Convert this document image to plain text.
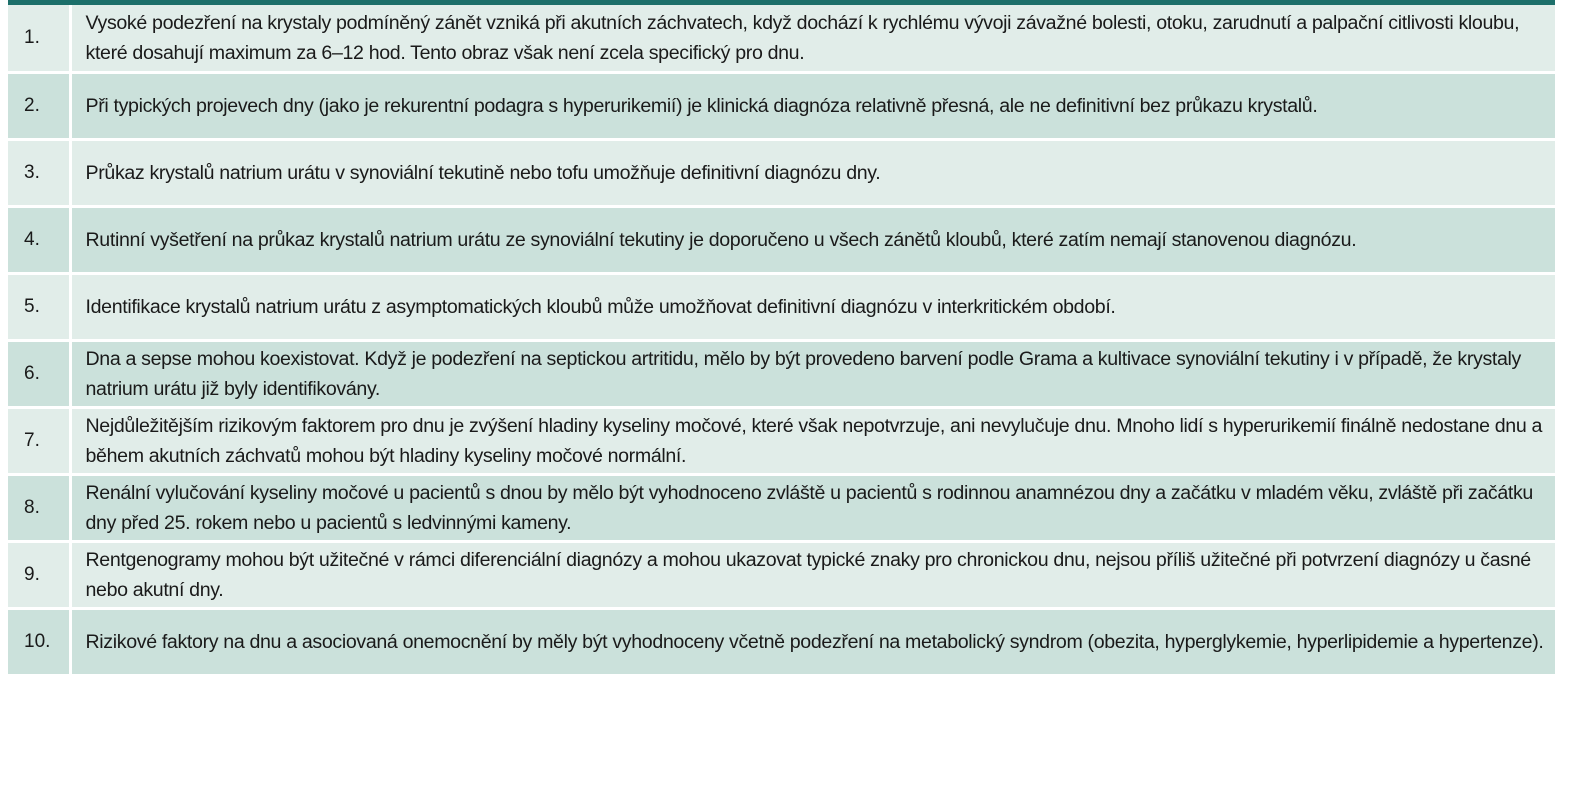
1.	Vysoké podezření na krystaly podmíněný zánět vzniká při akutních záchvatech, když dochází k rychlému vývoji závažné bolesti, otoku, zarudnutí a palpační citlivosti kloubu, které dosahují maximum za 6–12 hod. Tento obraz však není zcela specifický pro dnu.
2.	Při typických projevech dny (jako je rekurentní podagra s hyperurikemií) je klinická diagnóza relativně přesná, ale ne definitivní bez průkazu krystalů.
3.	Průkaz krystalů natrium urátu v synoviální tekutině nebo tofu umožňuje definitivní diagnózu dny.
4.	Rutinní vyšetření na průkaz krystalů natrium urátu ze synoviální tekutiny je doporučeno u všech zánětů kloubů, které zatím nemají stanovenou diagnózu.
5.	Identifikace krystalů natrium urátu z asymptomatických kloubů může umožňovat definitivní diagnózu v interkritickém období.
6.	Dna a sepse mohou koexistovat. Když je podezření na septickou artritidu, mělo by být provedeno barvení podle Grama a kultivace synoviální tekutiny i v případě, že krystaly natrium urátu již byly identifikovány.
7.	Nejdůležitějším rizikovým faktorem pro dnu je zvýšení hladiny kyseliny močové, které však nepotvrzuje, ani nevylučuje dnu. Mnoho lidí s hyperurikemií finálně nedostane dnu a během akutních záchvatů mohou být hladiny kyseliny močové normální.
8.	Renální vylučování kyseliny močové u pacientů s dnou by mělo být vyhodnoceno zvláště u pacientů s rodinnou anamnézou dny a začátku v mladém věku, zvláště při začátku dny před 25. rokem nebo u pacientů s ledvinnými kameny.
9.	Rentgenogramy mohou být užitečné v rámci diferenciální diagnózy a mohou ukazovat typické znaky pro chronickou dnu, nejsou příliš užitečné při potvrzení diagnózy u časné nebo akutní dny.
10.	Rizikové faktory na dnu a asociovaná onemocnění by měly být vyhodnoceny včetně podezření na metabolický syndrom (obezita, hyperglykemie, hyperlipidemie a hypertenze).
